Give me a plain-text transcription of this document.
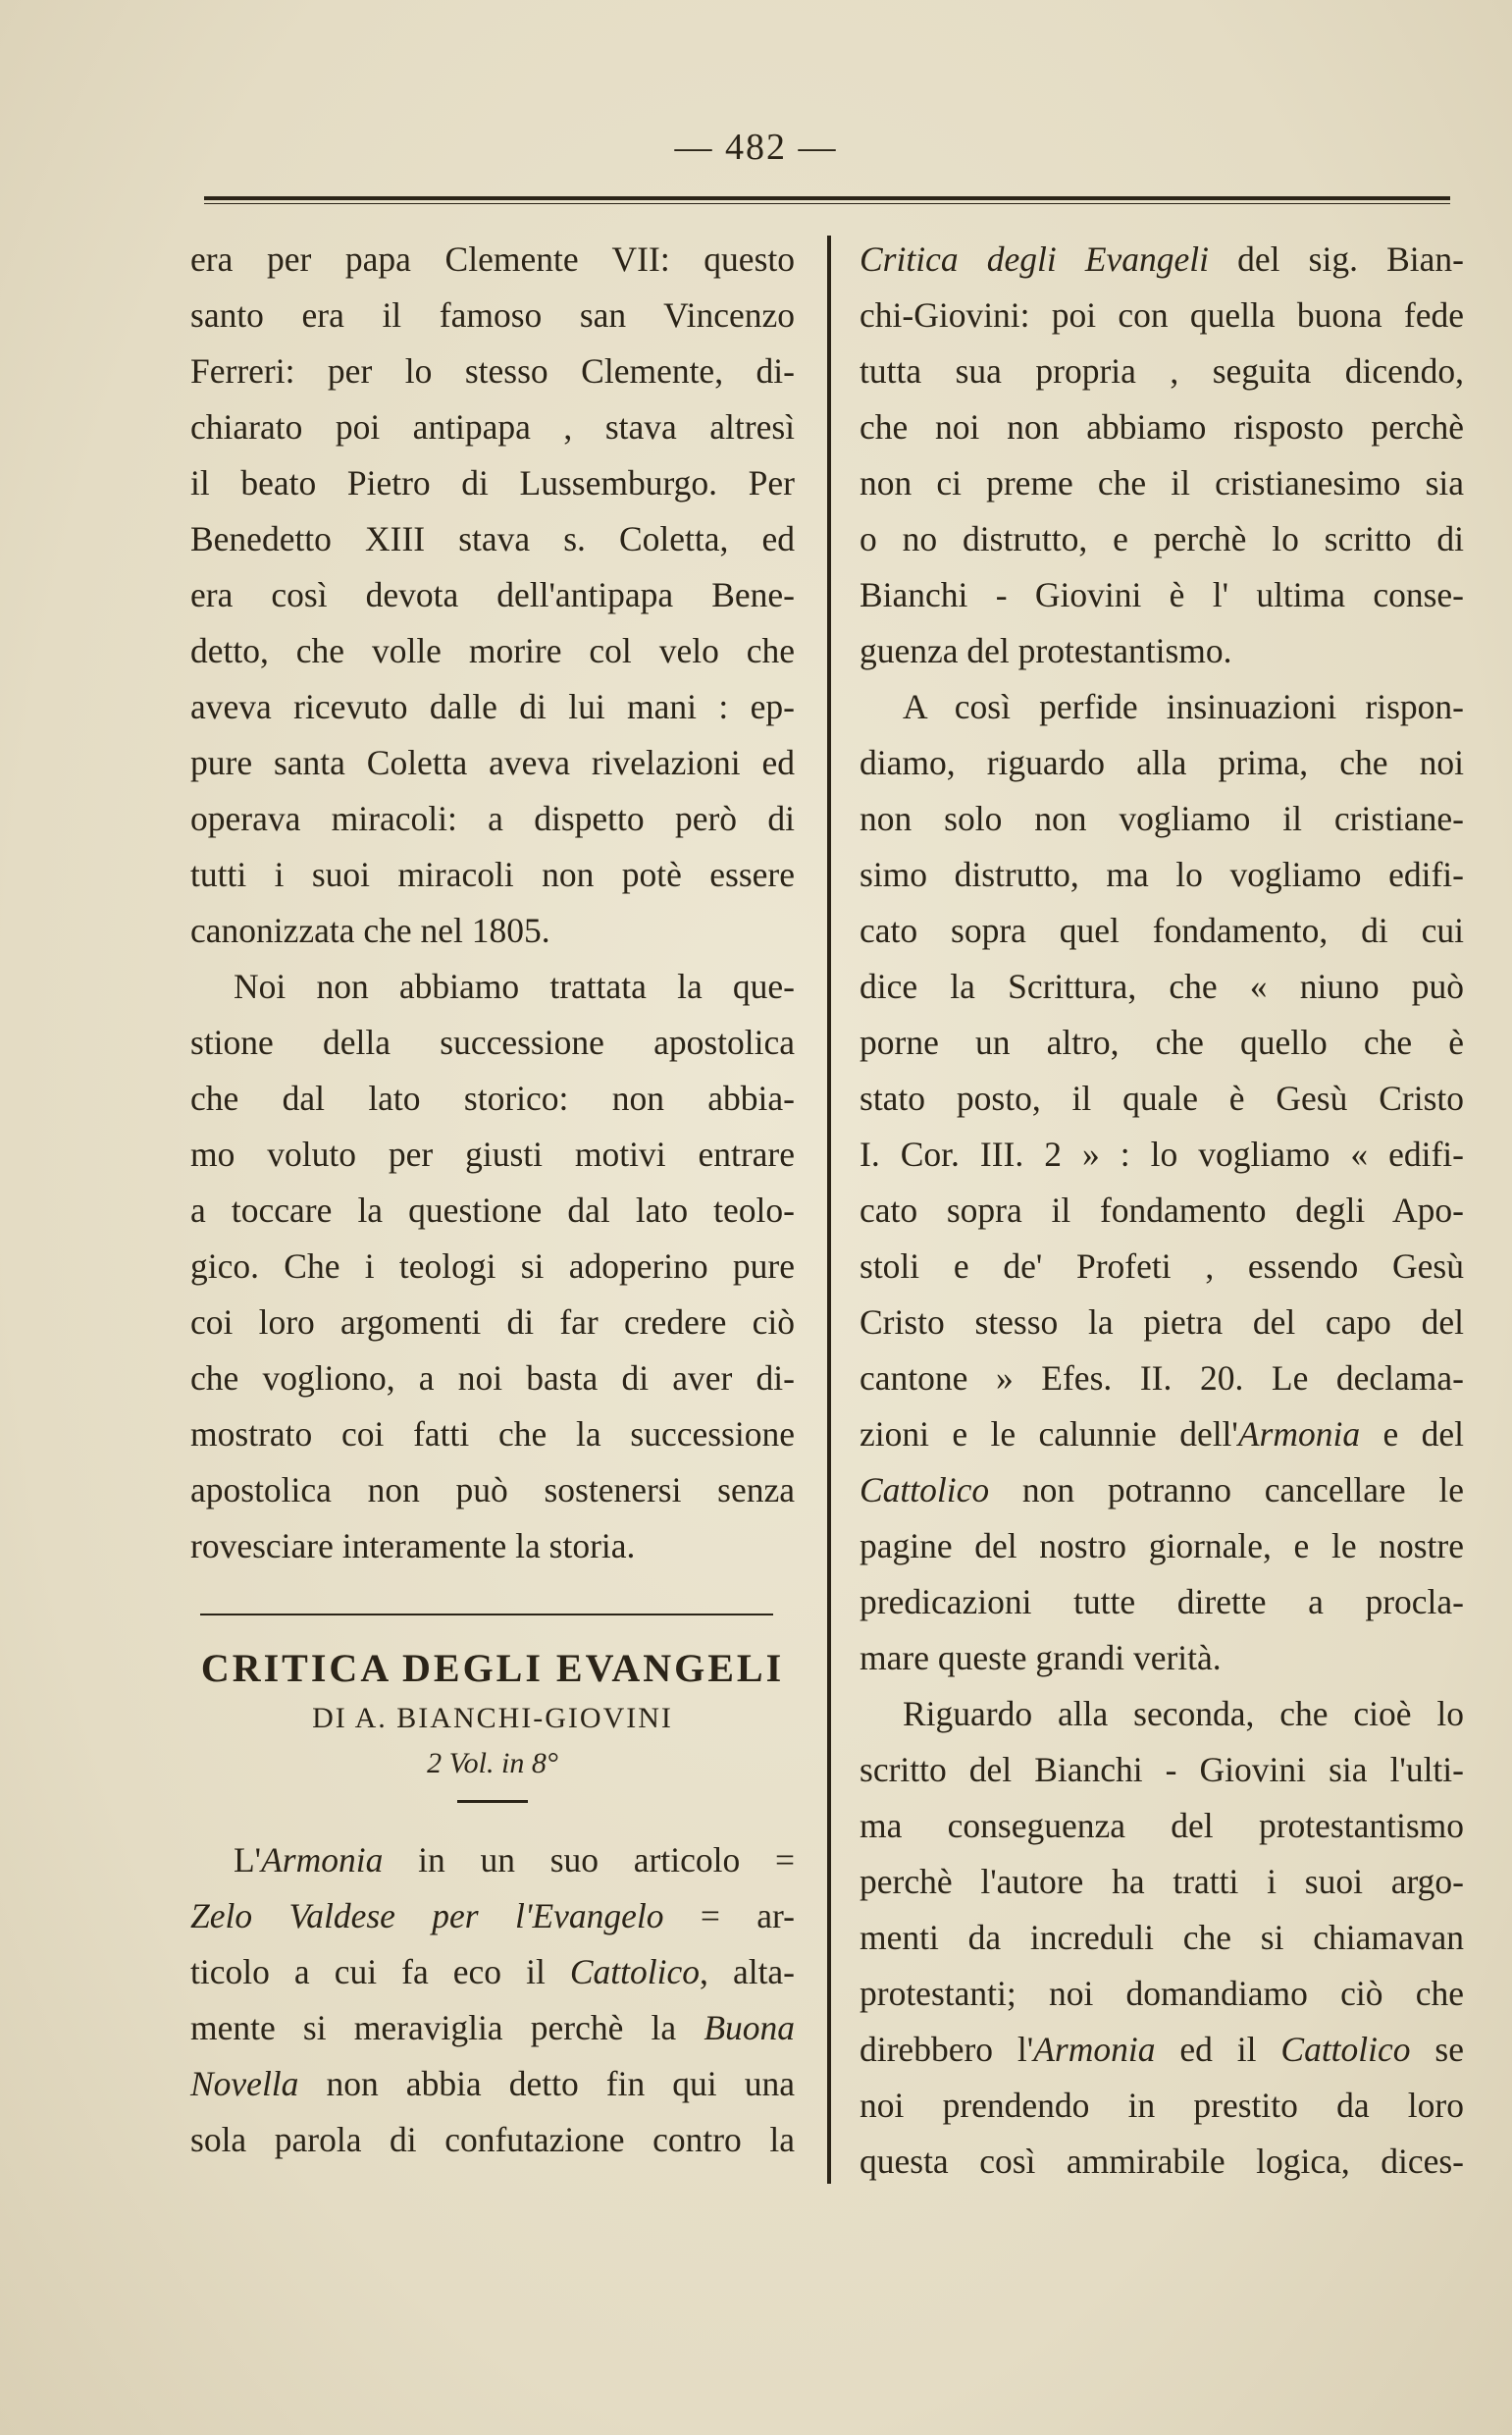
— 482 —

era per papa Clemente VII: questo
santo era il famoso san Vincenzo
Ferreri: per lo stesso Clemente, di-
chiarato poi antipapa , stava altresì
il beato Pietro di Lussemburgo. Per
Benedetto XIII stava s. Coletta, ed
era così devota dell'antipapa Bene-
detto, che volle morire col velo che
aveva ricevuto dalle di lui mani : ep-
pure santa Coletta aveva rivelazioni ed
operava miracoli: a dispetto però di
tutti i suoi miracoli non potè essere
canonizzata che nel 1805.

Noi non abbiamo trattata la que-
stione della successione apostolica
che dal lato storico: non abbia-
mo voluto per giusti motivi entrare
a toccare la questione dal lato teolo-
gico. Che i teologi si adoperino pure
coi loro argomenti di far credere ciò
che vogliono, a noi basta di aver di-
mostrato coi fatti che la successione
apostolica non può sostenersi senza
rovesciare interamente la storia.

CRITICA DEGLI EVANGELI
DI A. BIANCHI-GIOVINI
2 Vol. in 8°

L'Armonia in un suo articolo =
Zelo Valdese per l'Evangelo = ar-
ticolo a cui fa eco il Cattolico, alta-
mente si meraviglia perchè la Buona
Novella non abbia detto fin qui una
sola parola di confutazione contro la

Critica degli Evangeli del sig. Bian-
chi-Giovini: poi con quella buona fede
tutta sua propria , seguita dicendo,
che noi non abbiamo risposto perchè
non ci preme che il cristianesimo sia
o no distrutto, e perchè lo scritto di
Bianchi - Giovini è l' ultima conse-
guenza del protestantismo.

A così perfide insinuazioni rispon-
diamo, riguardo alla prima, che noi
non solo non vogliamo il cristiane-
simo distrutto, ma lo vogliamo edifi-
cato sopra quel fondamento, di cui
dice la Scrittura, che « niuno può
porne un altro, che quello che è
stato posto, il quale è Gesù Cristo
I. Cor. III. 2 » : lo vogliamo « edifi-
cato sopra il fondamento degli Apo-
stoli e de' Profeti , essendo Gesù
Cristo stesso la pietra del capo del
cantone » Efes. II. 20. Le declama-
zioni e le calunnie dell'Armonia e del
Cattolico non potranno cancellare le
pagine del nostro giornale, e le nostre
predicazioni tutte dirette a procla-
mare queste grandi verità.

Riguardo alla seconda, che cioè lo
scritto del Bianchi - Giovini sia l'ulti-
ma conseguenza del protestantismo
perchè l'autore ha tratti i suoi argo-
menti da increduli che si chiamavan
protestanti; noi domandiamo ciò che
direbbero l'Armonia ed il Cattolico se
noi prendendo in prestito da loro
questa così ammirabile logica, dices-
